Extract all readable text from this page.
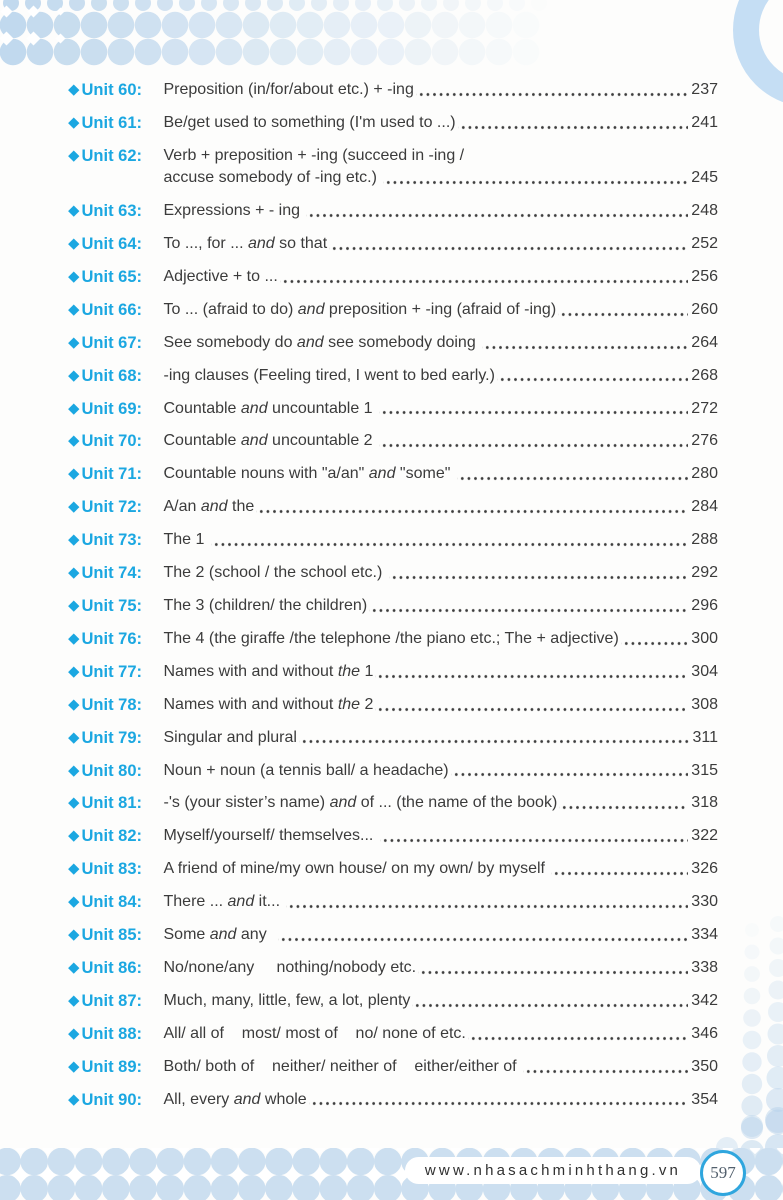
Unit 60:	Preposition (in/for/about etc.) + -ing	237
Unit 61:	Be/get used to something (I'm used to ...)	241
Unit 62:	Verb + preposition + -ing (succeed in -ing /
accuse somebody of -ing etc.)	245
Unit 63:	Expressions + - ing	248
Unit 64:	To ..., for ... and so that	252
Unit 65:	Adjective + to ...	256
Unit 66:	To ... (afraid to do) and preposition + -ing (afraid of -ing)	260
Unit 67:	See somebody do and see somebody doing	264
Unit 68:	-ing clauses (Feeling tired, I went to bed early.)	268
Unit 69:	Countable and uncountable 1	272
Unit 70:	Countable and uncountable 2	276
Unit 71:	Countable nouns with "a/an" and "some"	280
Unit 72:	A/an and the	284
Unit 73:	The 1	288
Unit 74:	The 2 (school / the school etc.)	292
Unit 75:	The 3 (children/ the children)	296
Unit 76:	The 4 (the giraffe /the telephone /the piano etc.; The + adjective)	300
Unit 77:	Names with and without the 1	304
Unit 78:	Names with and without the 2	308
Unit 79:	Singular and plural	311
Unit 80:	Noun + noun (a tennis ball/ a headache)	315
Unit 81:	-'s (your sister’s name) and of ... (the name of the book)	318
Unit 82:	Myself/yourself/ themselves...	322
Unit 83:	A friend of mine/my own house/ on my own/ by myself	326
Unit 84:	There ... and it...	330
Unit 85:	Some and any	334
Unit 86:	No/none/any     nothing/nobody etc.	338
Unit 87:	Much, many, little, few, a lot, plenty	342
Unit 88:	All/ all of    most/ most of    no/ none of etc.	346
Unit 89:	Both/ both of    neither/ neither of    either/either of	350
Unit 90:	All, every and whole	354
www.nhasachminhthang.vn 597
